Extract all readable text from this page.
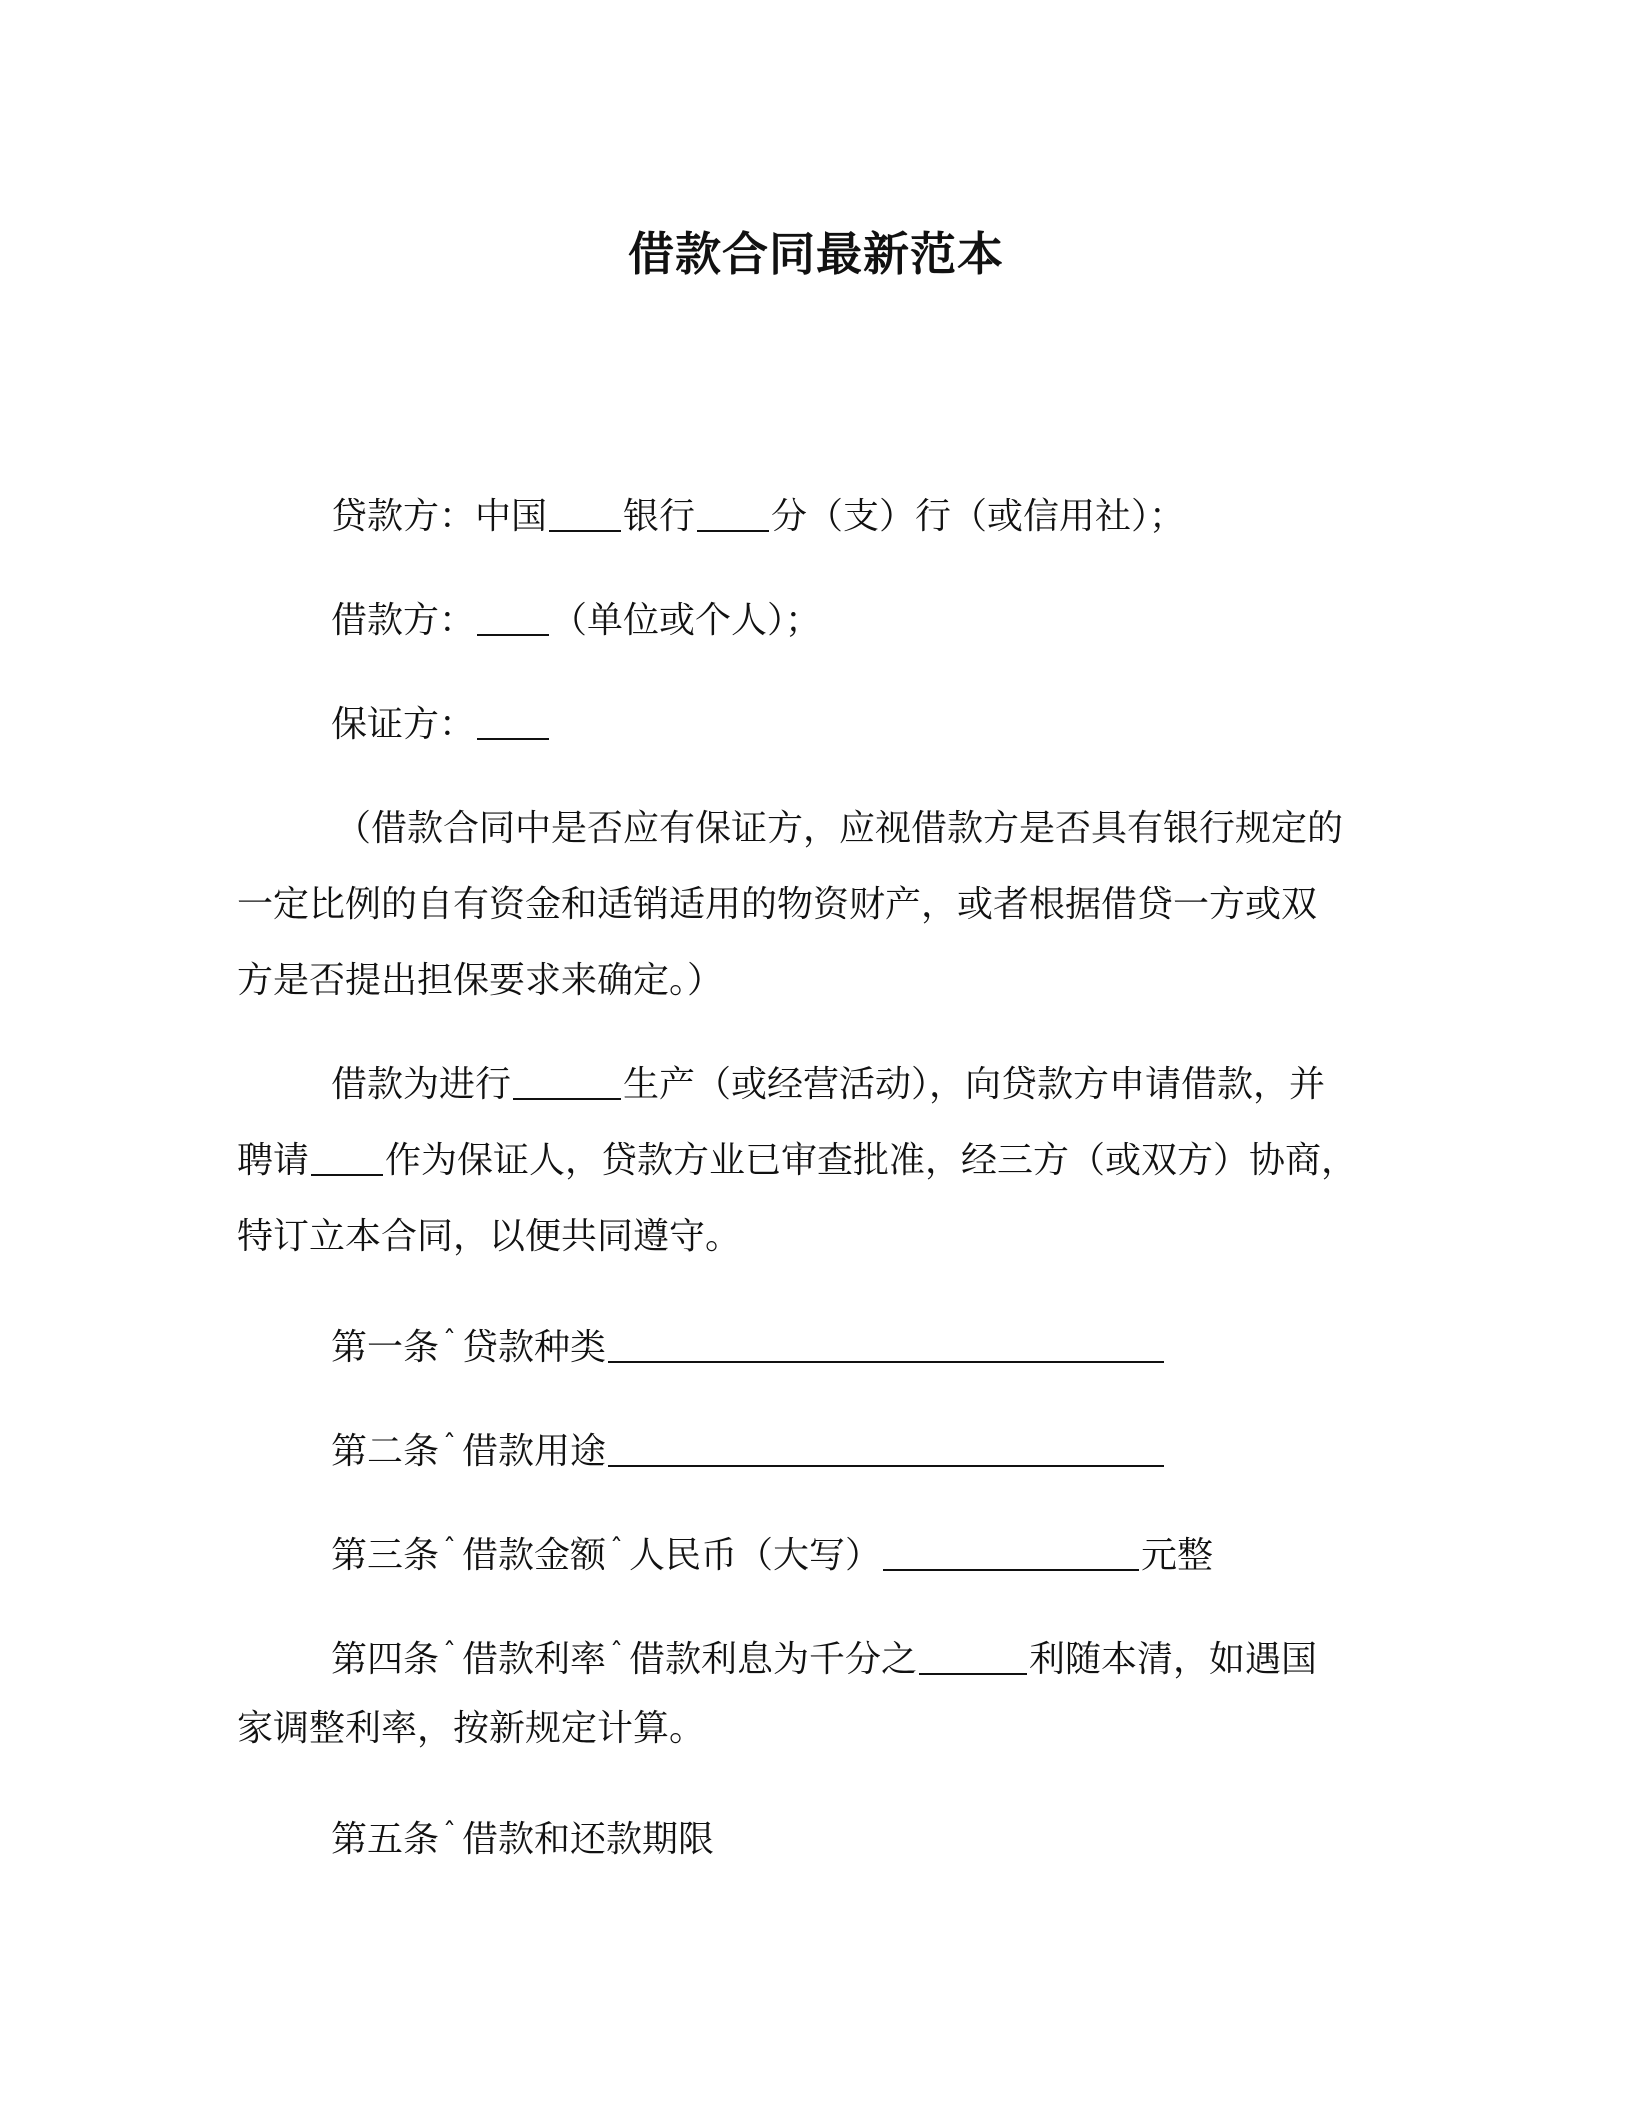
借款合同最新范本
贷款方：中国 银行 分（支）行（或信用社）；
借款方： （单位或个人）；
保证方：
（借款合同中是否应有保证方，应视借款方是否具有银行规定的
一定比例的自有资金和适销适用的物资财产，或者根据借贷一方或双
方是否提出担保要求来确定。）
借款为进行	生产（或经营活动），向贷款方申请借款，并
聘请 作为保证人，贷款方业已审查批准，经三方（或双方）协商，
特订立本合同，以便共同遵守。
第一条 ˆ 贷款种类
第二条 ˆ 借款用途
第三条 ˆ 借款金额 ˆ 人民币（大写）	元整
第四条 ˆ 借款利率 ˆ 借款利息为千分之	利随本清，如遇国
家调整利率，按新规定计算。
第五条 ˆ 借款和还款期限
